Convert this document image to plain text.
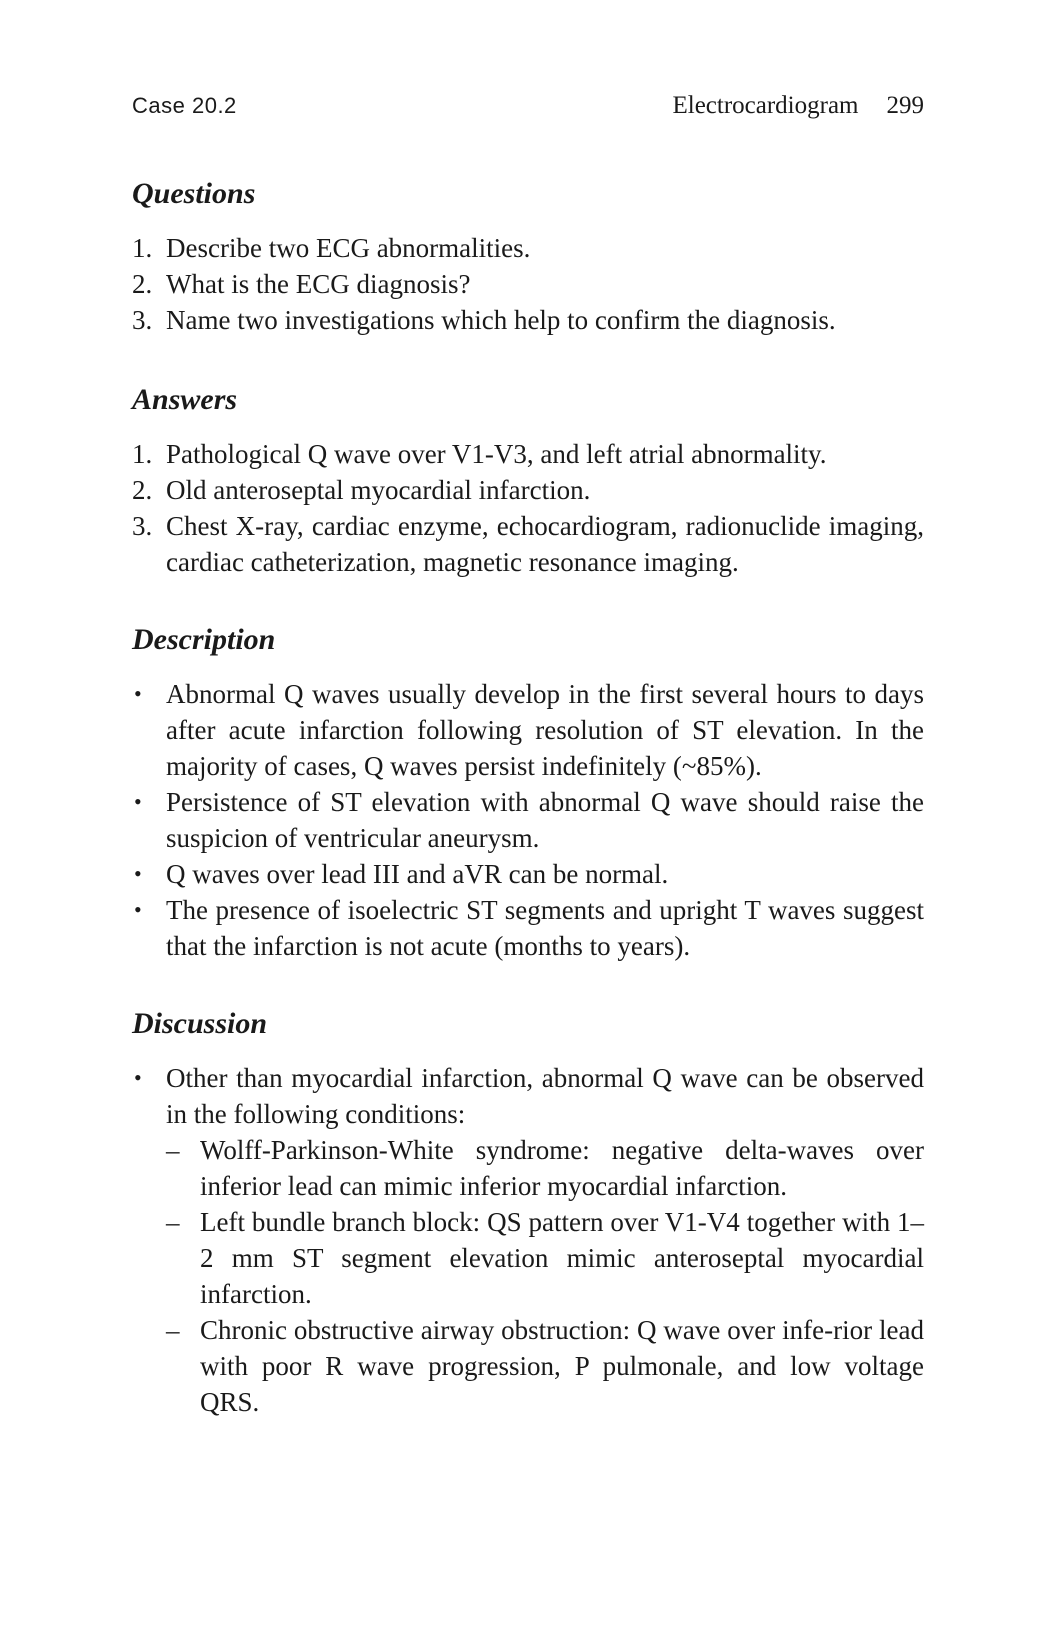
Case 20.2	Electrocardiogram 299
Questions
1. Describe two ECG abnormalities.
2. What is the ECG diagnosis?
3. Name two investigations which help to confirm the diagnosis.
Answers
1. Pathological Q wave over V1-V3, and left atrial abnormality.
2. Old anteroseptal myocardial infarction.
3. Chest X-ray, cardiac enzyme, echocardiogram, radionuclide imaging, cardiac catheterization, magnetic resonance imaging.
Description
• Abnormal Q waves usually develop in the first several hours to days after acute infarction following resolution of ST elevation. In the majority of cases, Q waves persist indefinitely (~85%).
• Persistence of ST elevation with abnormal Q wave should raise the suspicion of ventricular aneurysm.
• Q waves over lead III and aVR can be normal.
• The presence of isoelectric ST segments and upright T waves suggest that the infarction is not acute (months to years).
Discussion
• Other than myocardial infarction, abnormal Q wave can be observed in the following conditions:
– Wolff-Parkinson-White syndrome: negative delta-waves over inferior lead can mimic inferior myocardial infarction.
– Left bundle branch block: QS pattern over V1-V4 together with 1–2 mm ST segment elevation mimic anteroseptal myocardial infarction.
– Chronic obstructive airway obstruction: Q wave over infe-rior lead with poor R wave progression, P pulmonale, and low voltage QRS.
